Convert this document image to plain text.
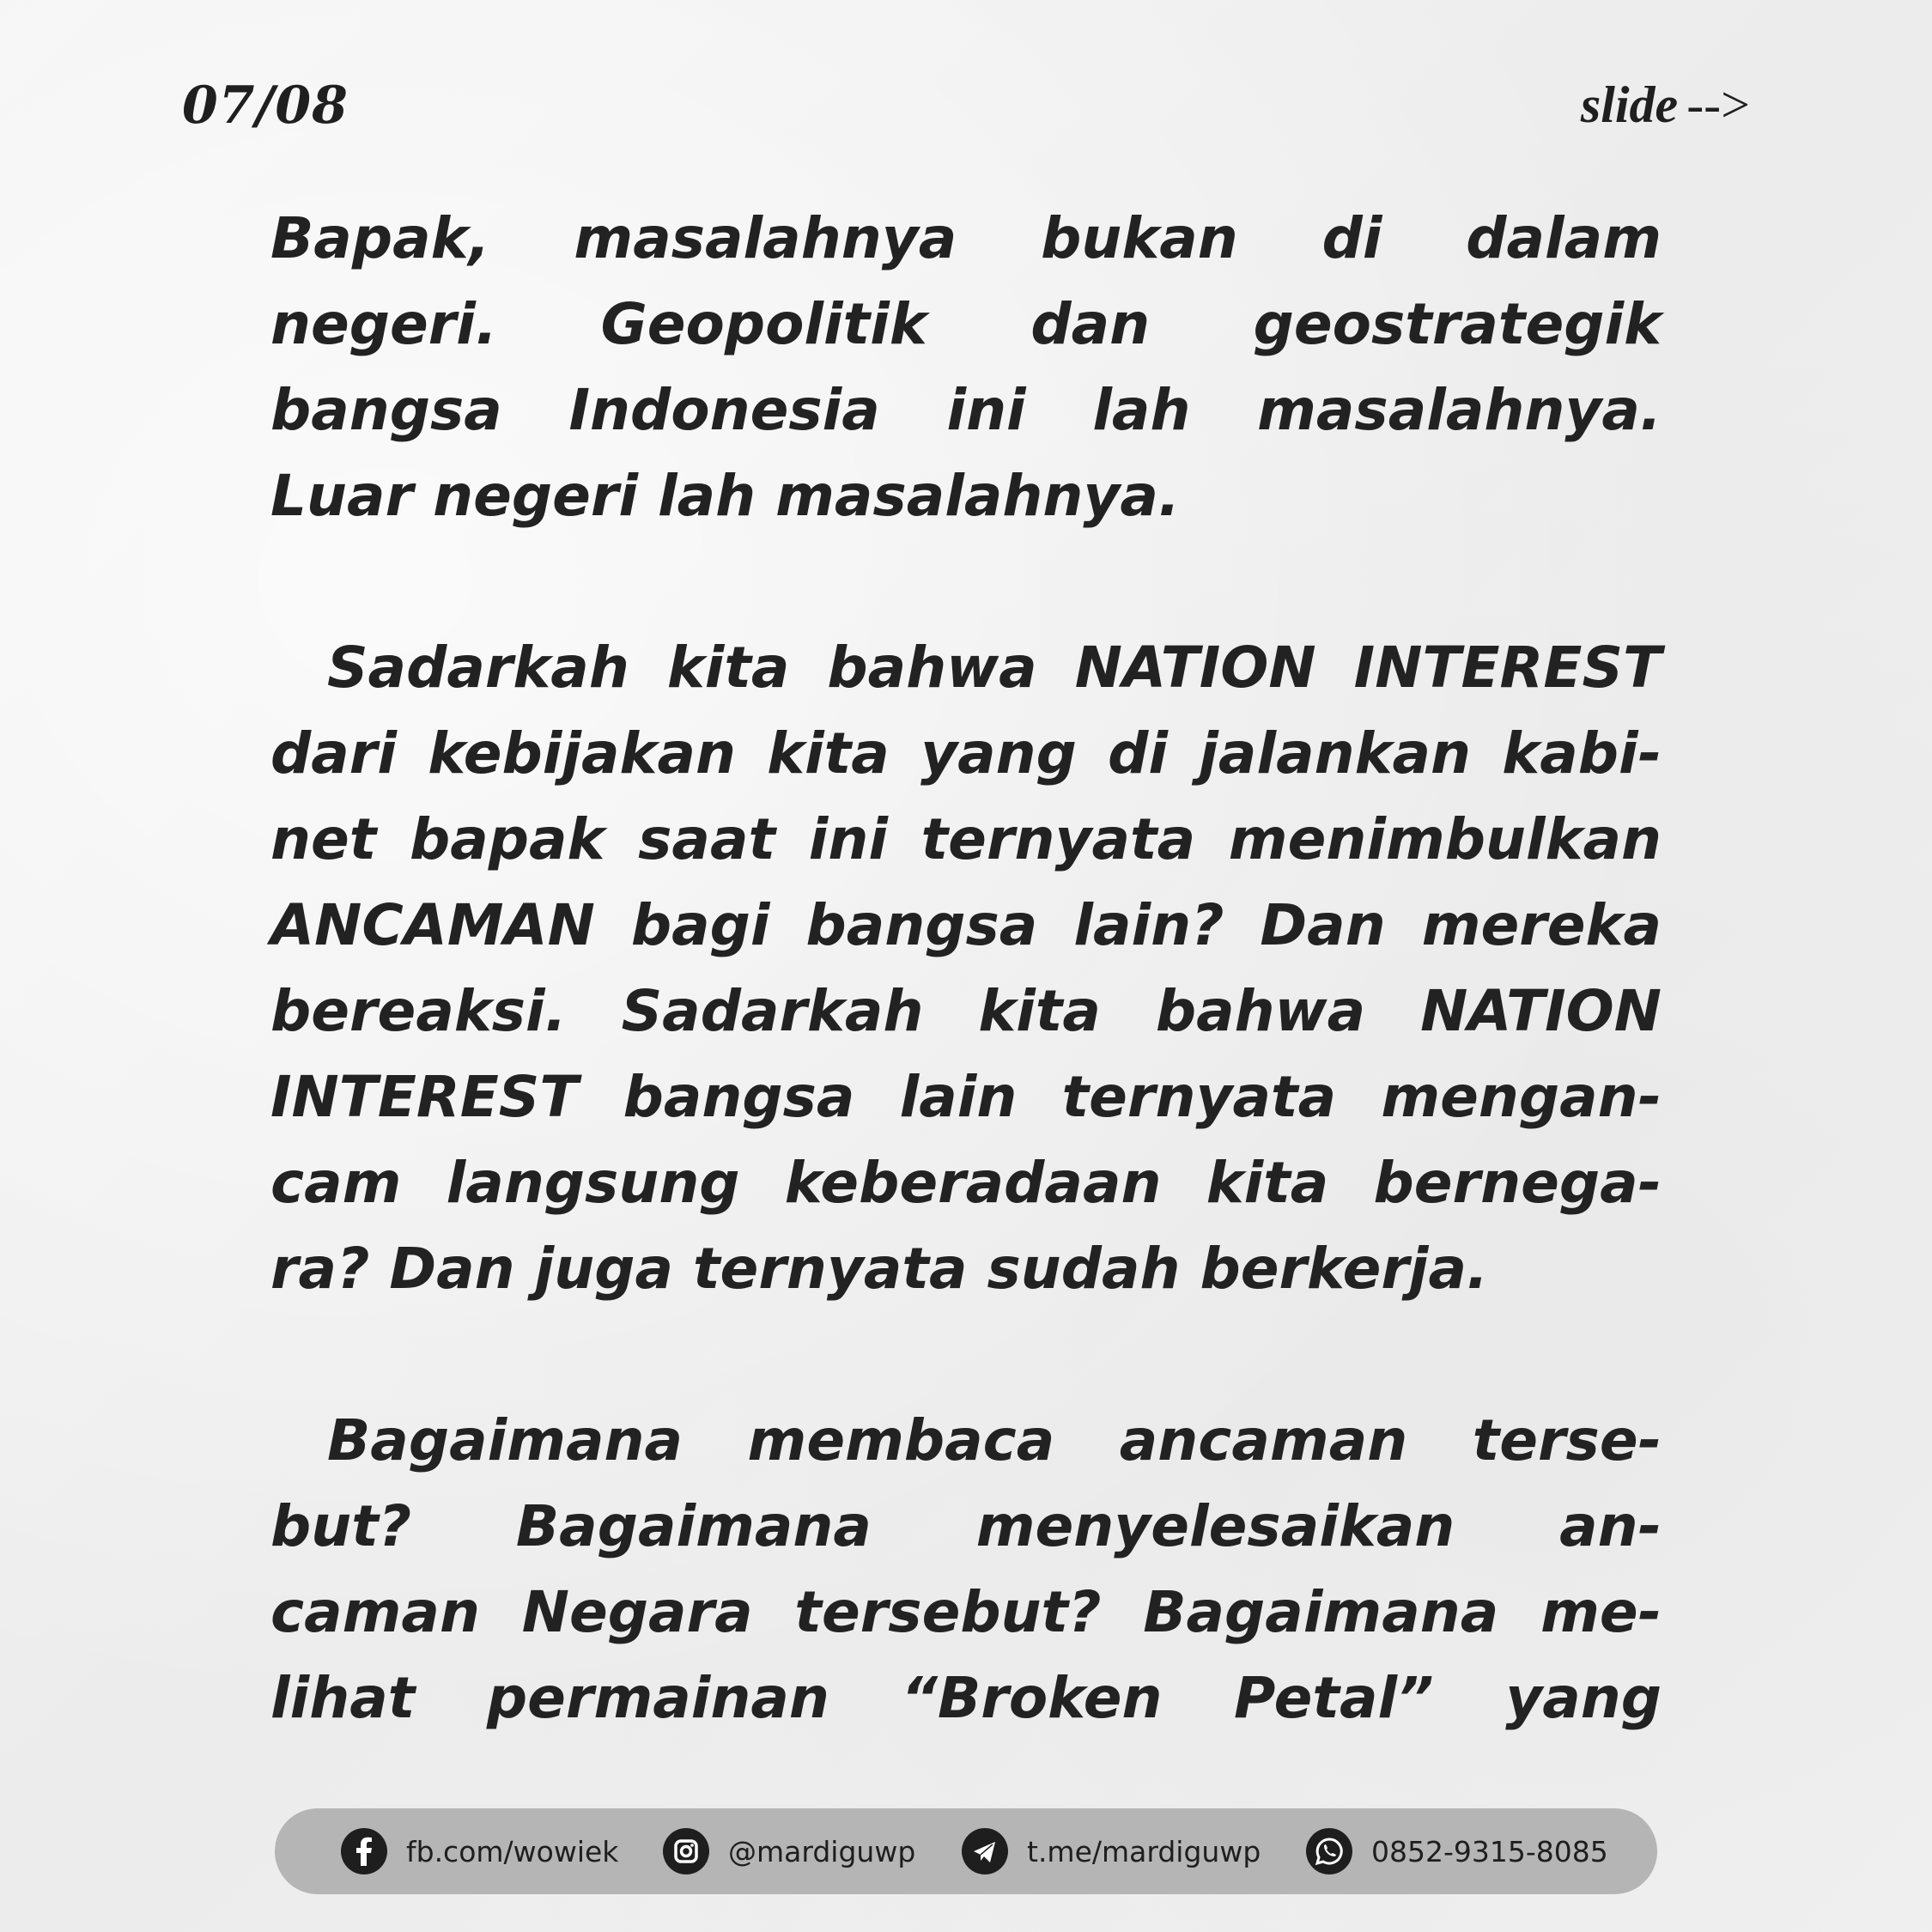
07/08	slide -->

Bapak, masalahnya bukan di dalam
negeri. Geopolitik dan geostrategik
bangsa Indonesia ini lah masalahnya.
Luar negeri lah masalahnya.

Sadarkah kita bahwa NATION INTEREST
dari kebijakan kita yang di jalankan kabi-
net bapak saat ini ternyata menimbulkan
ANCAMAN bagi bangsa lain? Dan mereka
bereaksi. Sadarkah kita bahwa NATION
INTEREST bangsa lain ternyata mengan-
cam langsung keberadaan kita bernega-
ra? Dan juga ternyata sudah berkerja.

Bagaimana membaca ancaman terse-
but? Bagaimana menyelesaikan an-
caman Negara tersebut? Bagaimana me-
lihat permainan “Broken Petal” yang

fb.com/wowiek	@mardiguwp	t.me/mardiguwp	0852-9315-8085
